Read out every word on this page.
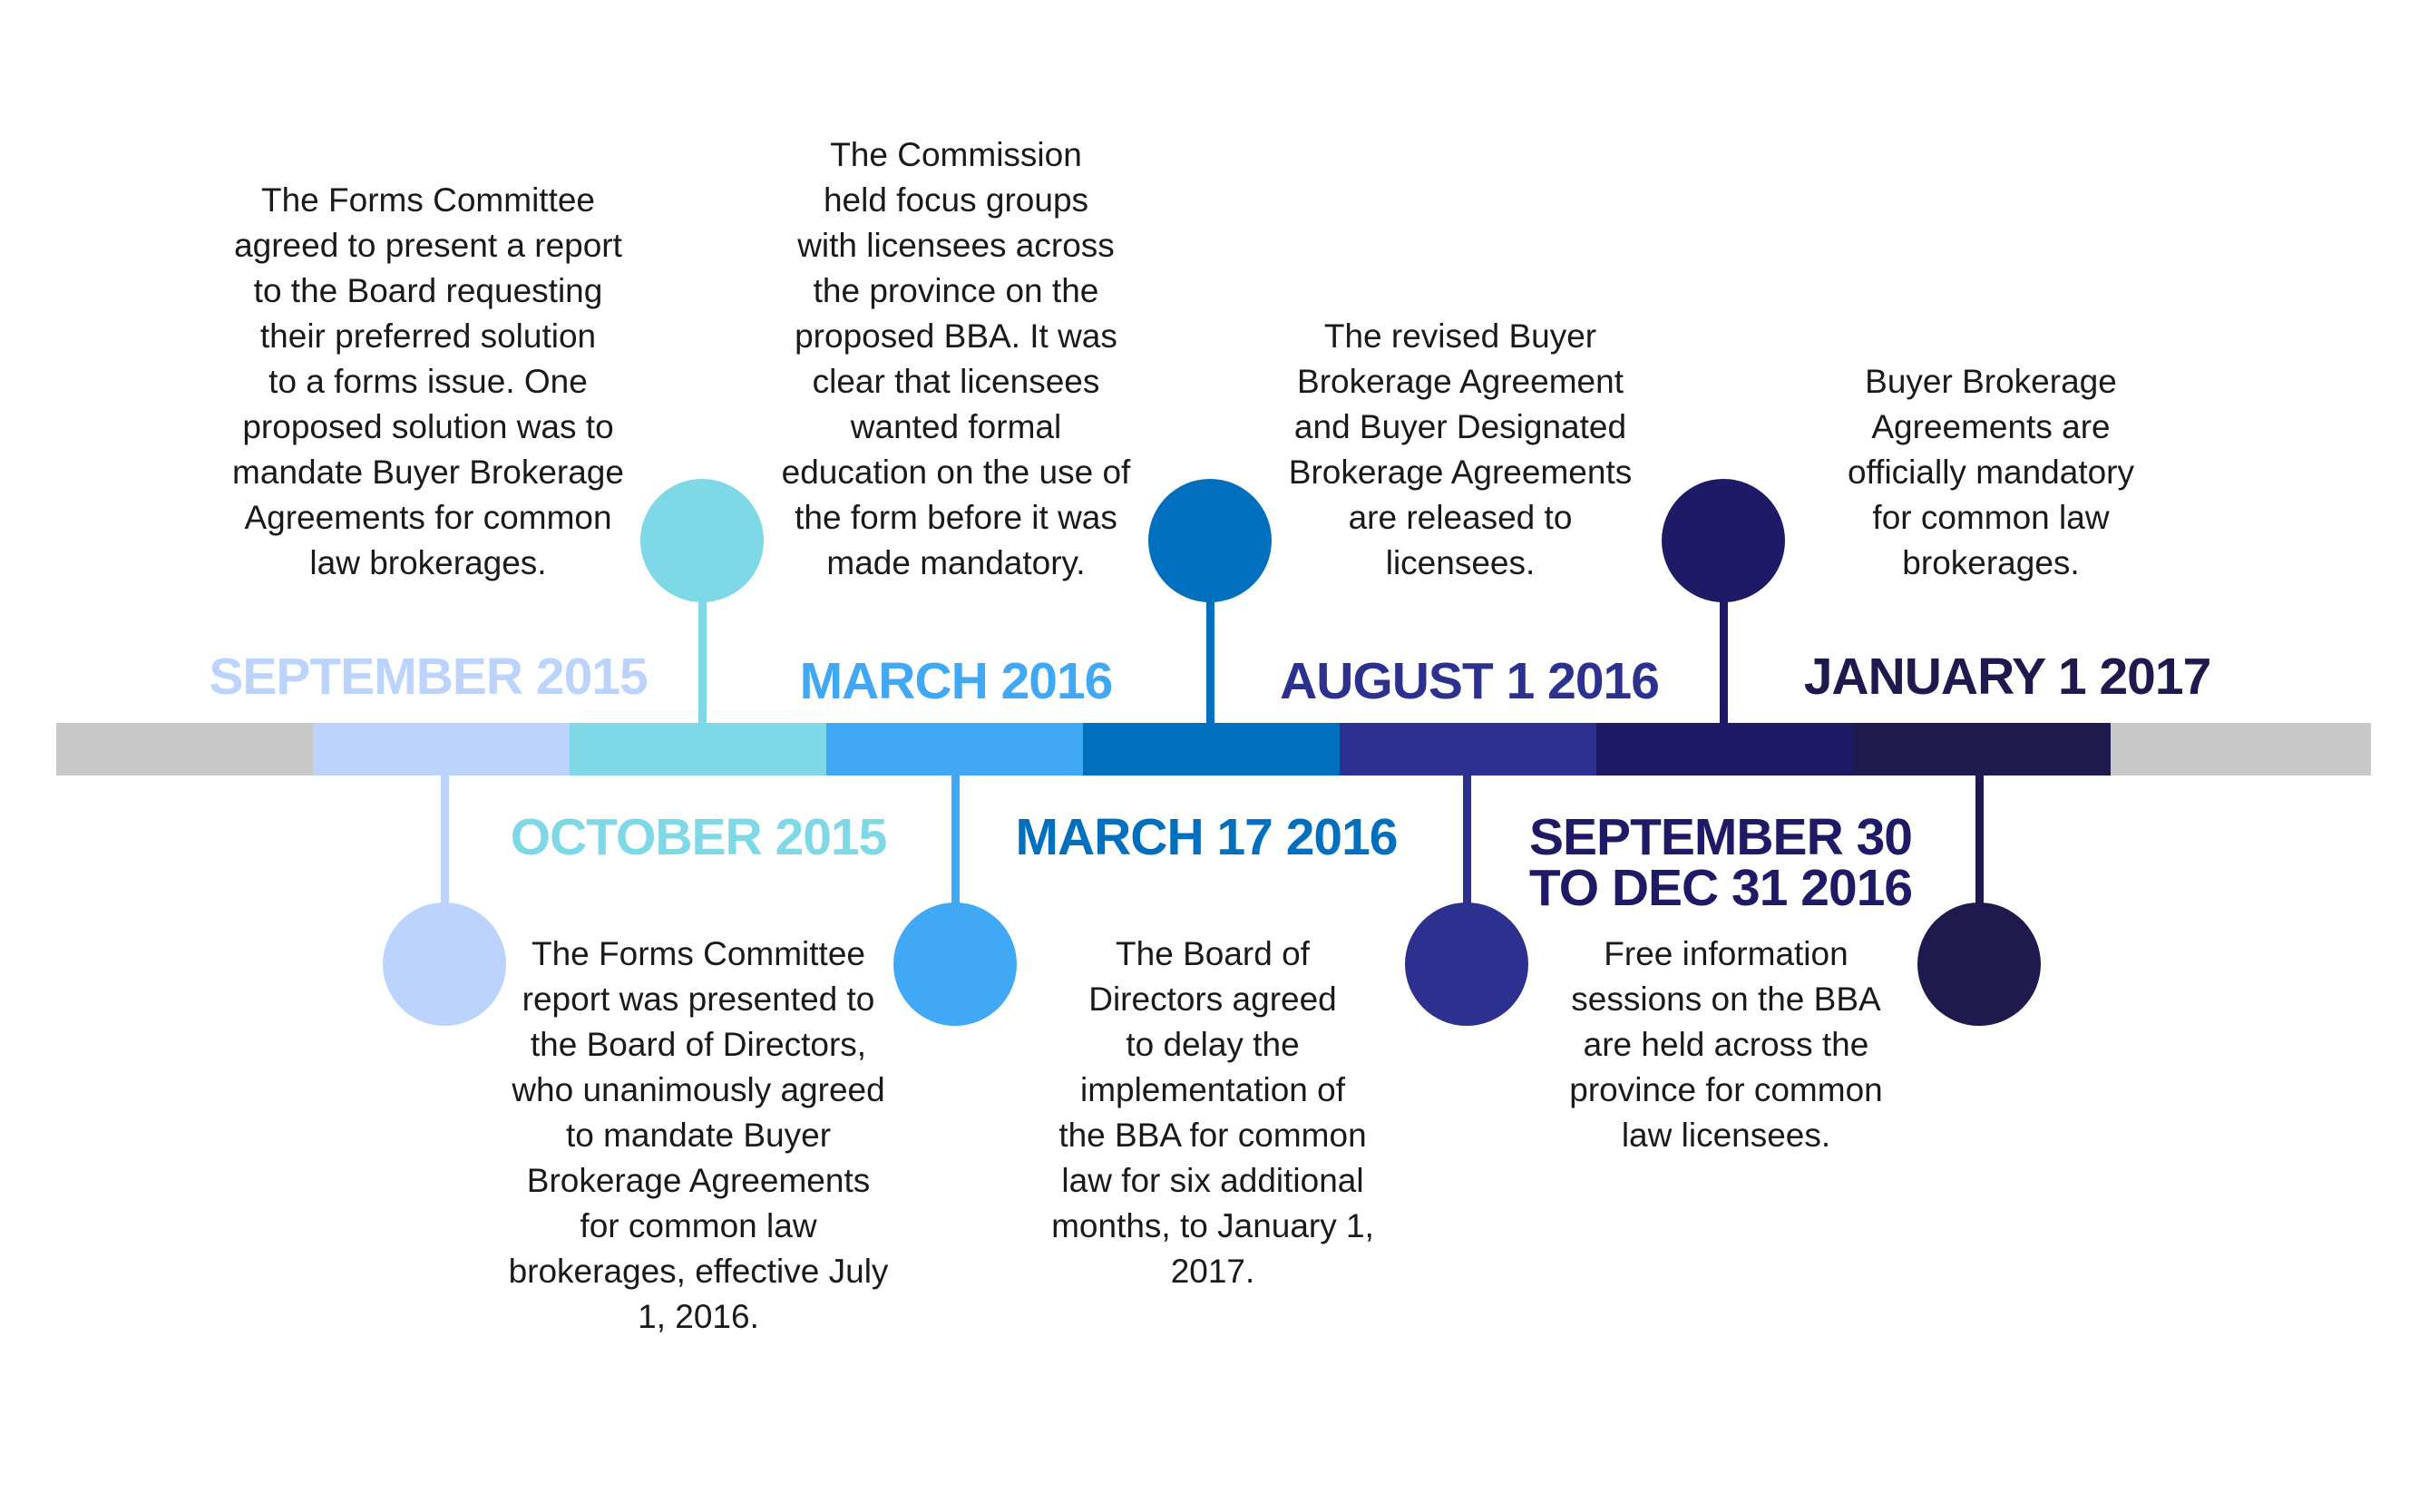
SEPTEMBER 2015
The Forms Committee
agreed to present a report
to the Board requesting
their preferred solution
to a forms issue. One
proposed solution was to
mandate Buyer Brokerage
Agreements for common
law brokerages.
OCTOBER 2015
The Forms Committee
report was presented to
the Board of Directors,
who unanimously agreed
to mandate Buyer
Brokerage Agreements
for common law
brokerages, effective July
1, 2016.
MARCH 2016
The Commission
held focus groups
with licensees across
the province on the
proposed BBA. It was
clear that licensees
wanted formal
education on the use of
the form before it was
made mandatory.
MARCH 17 2016
The Board of
Directors agreed
to delay the
implementation of
the BBA for common
law for six additional
months, to January 1,
2017.
AUGUST 1 2016
The revised Buyer
Brokerage Agreement
and Buyer Designated
Brokerage Agreements
are released to
licensees.
SEPTEMBER 30
TO DEC 31 2016
Free information
sessions on the BBA
are held across the
province for common
law licensees.
JANUARY 1 2017
Buyer Brokerage
Agreements are
officially mandatory
for common law
brokerages.
